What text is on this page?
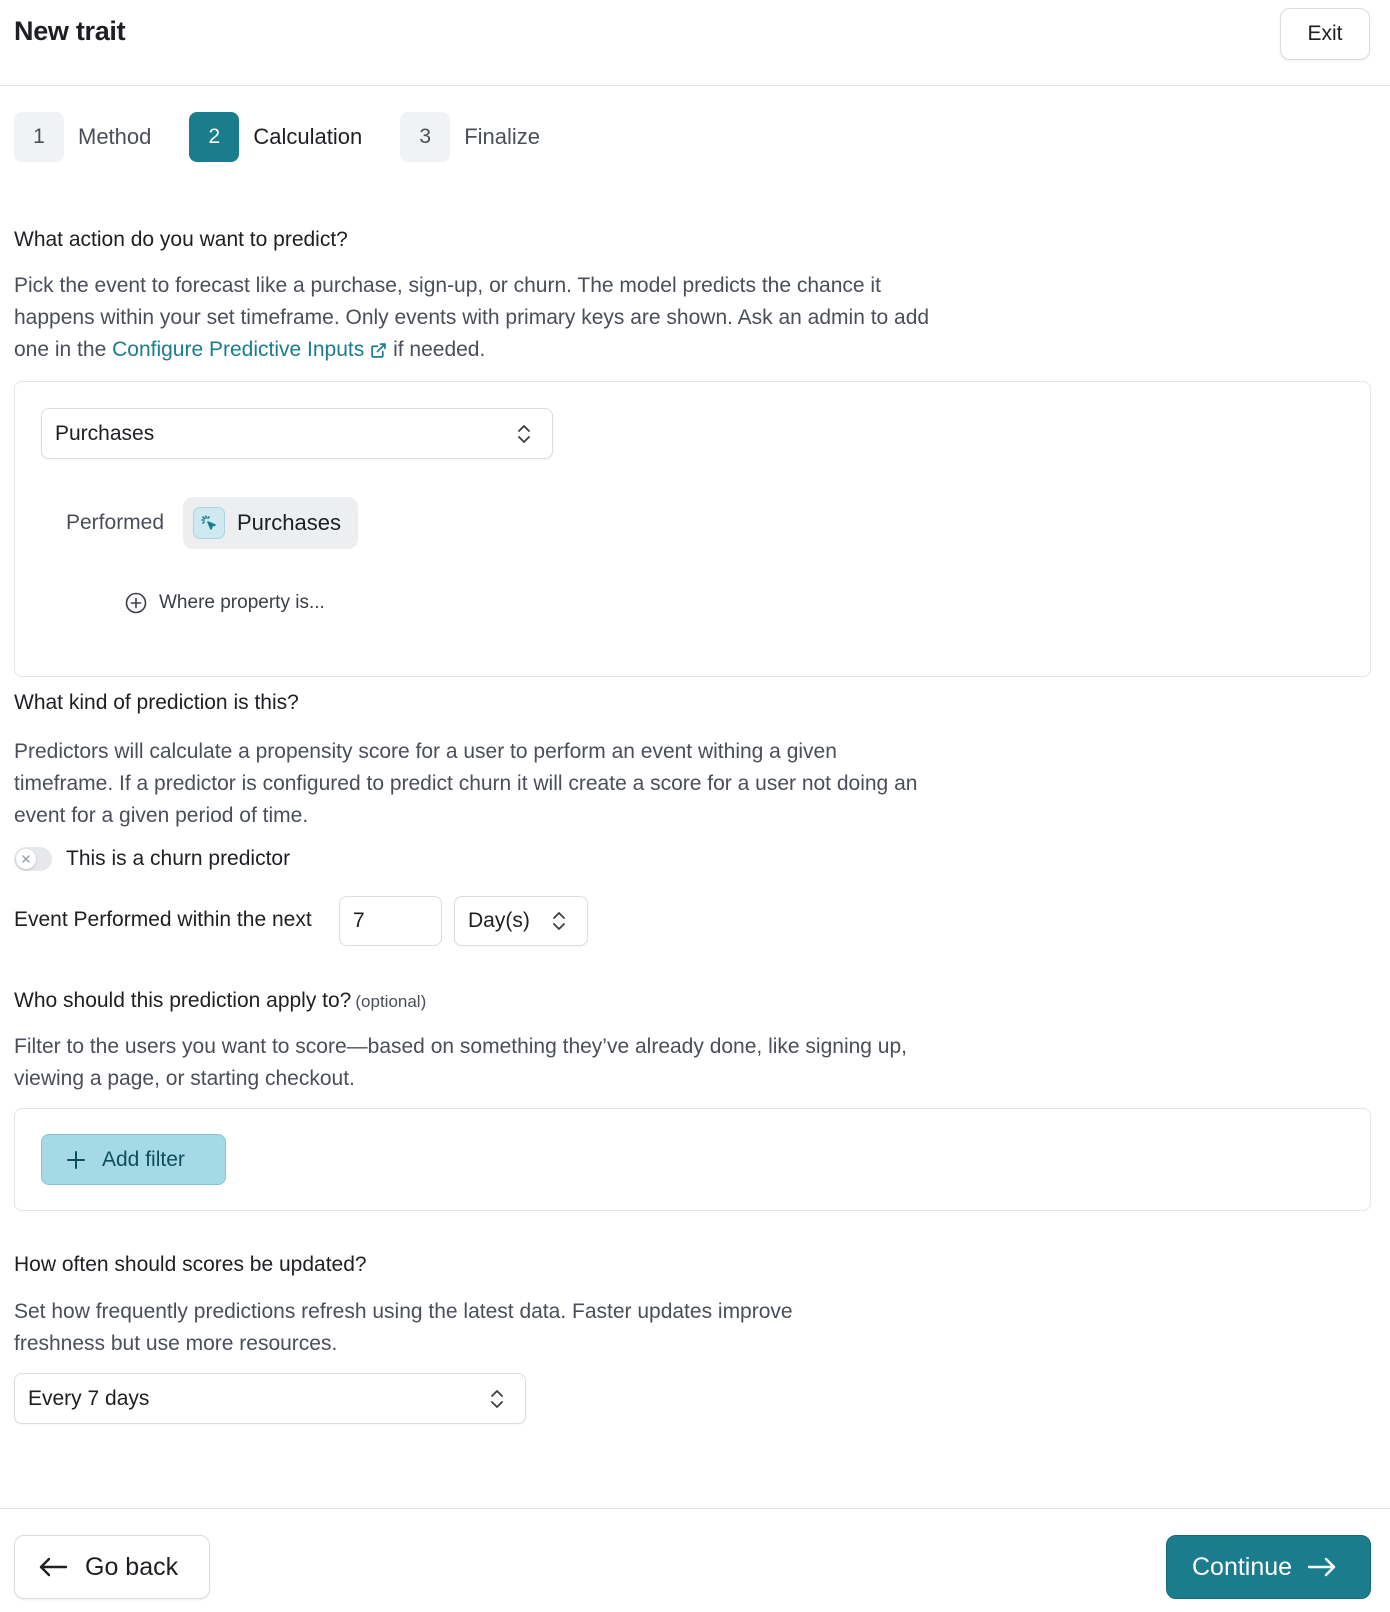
New trait	Exit
1	Method	2	Calculation	3	Finalize
What action do you want to predict?
Pick the event to forecast like a purchase, sign-up, or churn. The model predicts the chance it happens within your set timeframe. Only events with primary keys are shown. Ask an admin to add one in the Configure Predictive Inputs if needed.
Purchases
Performed	Purchases
Where property is...
What kind of prediction is this?
Predictors will calculate a propensity score for a user to perform an event withing a given timeframe. If a predictor is configured to predict churn it will create a score for a user not doing an event for a given period of time.
This is a churn predictor
Event Performed within the next
7	Day(s)
Who should this prediction apply to? (optional)
Filter to the users you want to score—based on something they’ve already done, like signing up, viewing a page, or starting checkout.
Add filter
How often should scores be updated?
Set how frequently predictions refresh using the latest data. Faster updates improve freshness but use more resources.
Every 7 days
Go back	Continue
